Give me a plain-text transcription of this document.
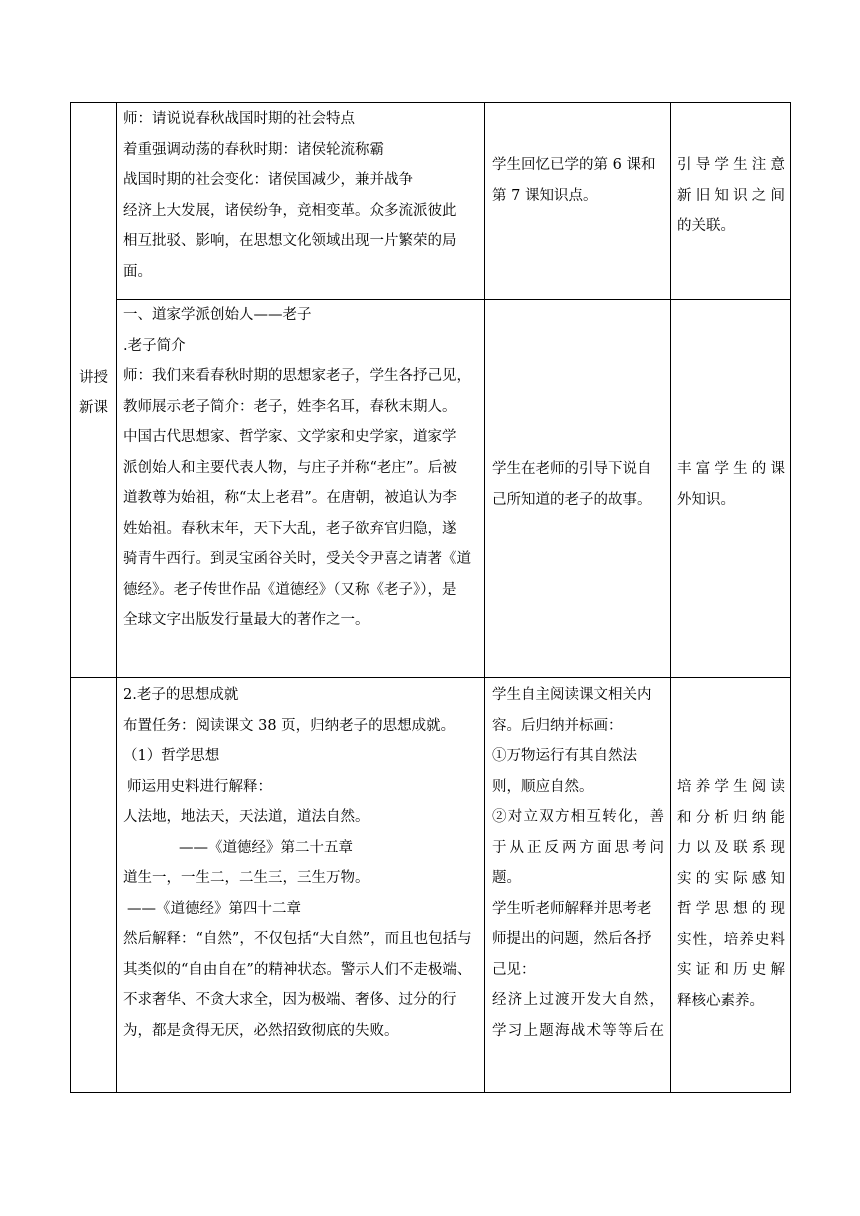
讲授
新课
师：请说说春秋战国时期的社会特点
着重强调动荡的春秋时期：诸侯轮流称霸
战国时期的社会变化：诸侯国减少，兼并战争
经济上大发展，诸侯纷争，竞相变革。众多流派彼此
相互批驳、影响，在思想文化领域出现一片繁荣的局
面。
学生回忆已学的第 6 课和
第 7 课知识点。
引导学生注意
新旧知识之间
的关联。
一、道家学派创始人——老子
.老子简介
师：我们来看春秋时期的思想家老子，学生各抒己见，
教师展示老子简介：老子，姓李名耳，春秋末期人。
中国古代思想家、哲学家、文学家和史学家，道家学
派创始人和主要代表人物，与庄子并称“老庄”。后被
道教尊为始祖，称“太上老君”。在唐朝，被追认为李
姓始祖。春秋末年，天下大乱，老子欲弃官归隐，遂
骑青牛西行。到灵宝函谷关时，受关令尹喜之请著《道
德经》。老子传世作品《道德经》（又称《老子》），是
全球文字出版发行量最大的著作之一。
学生在老师的引导下说自
己所知道的老子的故事。
丰富学生的课
外知识。
2.老子的思想成就
布置任务：阅读课文 38 页，归纳老子的思想成就。
（1）哲学思想
师运用史料进行解释：
人法地，地法天，天法道，道法自然。
——《道德经》第二十五章
道生一，一生二，二生三，三生万物。
——《道德经》第四十二章
然后解释：“自然”，不仅包括“大自然”，而且也包括与
其类似的“自由自在”的精神状态。警示人们不走极端、
不求奢华、不贪大求全，因为极端、奢侈、过分的行
为，都是贪得无厌，必然招致彻底的失败。
学生自主阅读课文相关内
容。后归纳并标画：
①万物运行有其自然法
则，顺应自然。
②对立双方相互转化，善
于从正反两方面思考问
题。
学生听老师解释并思考老
师提出的问题，然后各抒
己见：
经济上过渡开发大自然，
学习上题海战术等等后在
培养学生阅读
和分析归纳能
力以及联系现
实的实际感知
哲学思想的现
实性，培养史料
实证和历史解
释核心素养。
